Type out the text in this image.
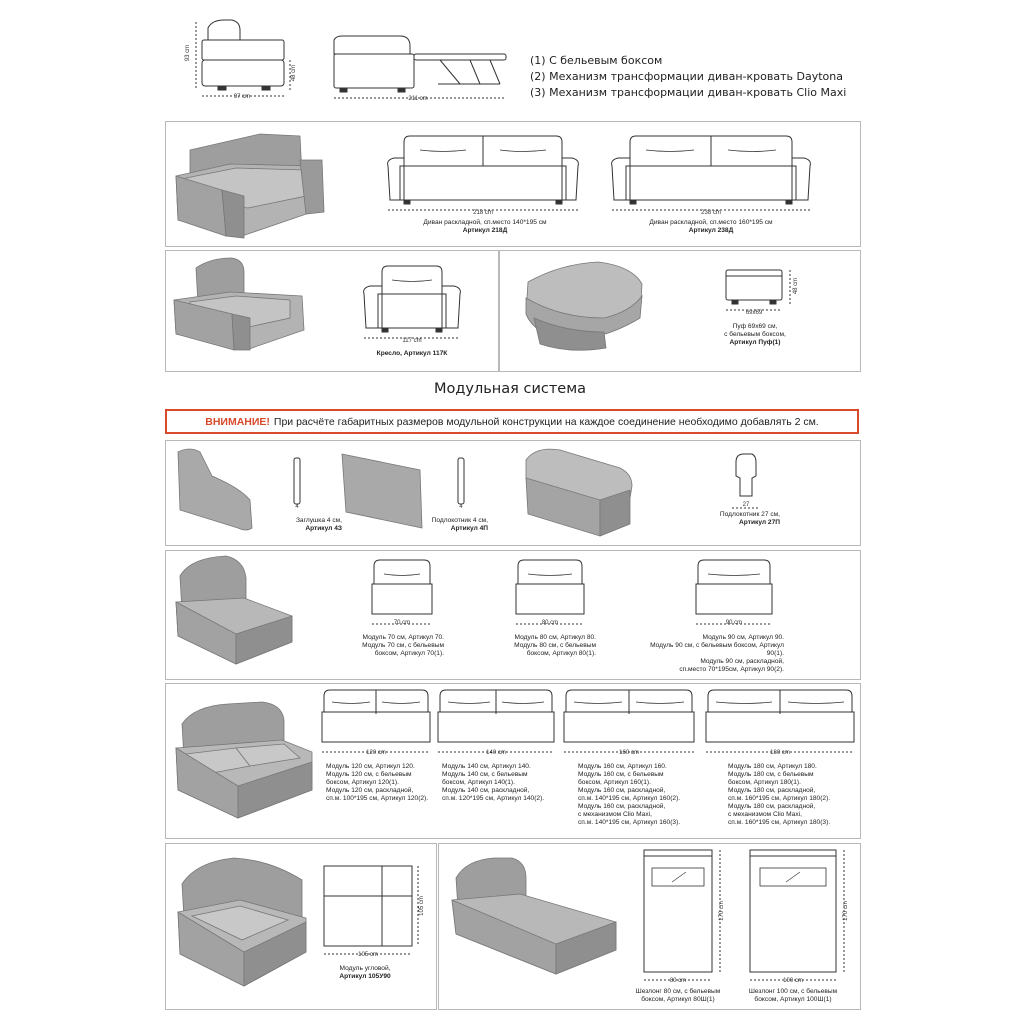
93 cm
48 cm
97 cm	211 cm
(1) С бельевым боксом
(2) Механизм трансформации диван-кровать Daytona
(3) Механизм трансформации диван-кровать Clio Maxi
218 cm
Диван раскладной, сп.место 140*195 см
Артикул 218Д
238 cm
Диван раскладной, сп.место 160*195 см
Артикул 238Д
117 cm
Кресло, Артикул 117К
69x69
48 cm
Пуф 69х69 см,
с бельевым боксом,
Артикул Пуф(1)
Модульная система
ВНИМАНИЕ! При расчёте габаритных размеров модульной конструкции на каждое соединение необходимо добавлять 2 см.
4
Заглушка 4 см,
Артикул 4З
4
Подлокотник 4 см,
Артикул 4П
27
Подлокотник 27 см,
Артикул 27П
70 cm	80 cm	90 cm
Модуль 70 см, Артикул 70.
Модуль 70 см, с бельевым
боксом, Артикул 70(1).
Модуль 80 см, Артикул 80.
Модуль 80 см, с бельевым
боксом, Артикул 80(1).
Модуль 90 см, Артикул 90.
Модуль 90 см, с бельевым боксом, Артикул 90(1).
Модуль 90 см, раскладной,
сп.место 70*195см, Артикул 90(2).
120 cm	140 cm	160 cm	180 cm
Модуль 120 см, Артикул 120.
Модуль 120 см, с бельевым
боксом, Артикул 120(1).
Модуль 120 см, раскладной,
сп.м. 100*195 см, Артикул 120(2).
Модуль 140 см, Артикул 140.
Модуль 140 см, с бельевым
боксом, Артикул 140(1).
Модуль 140 см, раскладной,
сп.м. 120*195 см, Артикул 140(2).
Модуль 160 см, Артикул 160.
Модуль 160 см, с бельевым
боксом, Артикул 160(1).
Модуль 160 см, раскладной,
сп.м. 140*195 см, Артикул 160(2).
Модуль 160 см, раскладной,
с механизмом Clio Maxi,
сп.м. 140*195 см, Артикул 160(3).
Модуль 180 см, Артикул 180.
Модуль 180 см, с бельевым
боксом, Артикул 180(1).
Модуль 180 см, раскладной,
сп.м. 160*195 см, Артикул 180(2).
Модуль 180 см, раскладной,
с механизмом Clio Maxi,
сп.м. 160*195 см, Артикул 180(3).
105 cm
105 cm
Модуль угловой,
Артикул 105У90
170 cm
80 cm
Шезлонг 80 см, с бельевым
боксом, Артикул 80Ш(1)
170 cm
100 cm
Шезлонг 100 см, с бельевым
боксом, Артикул 100Ш(1)
